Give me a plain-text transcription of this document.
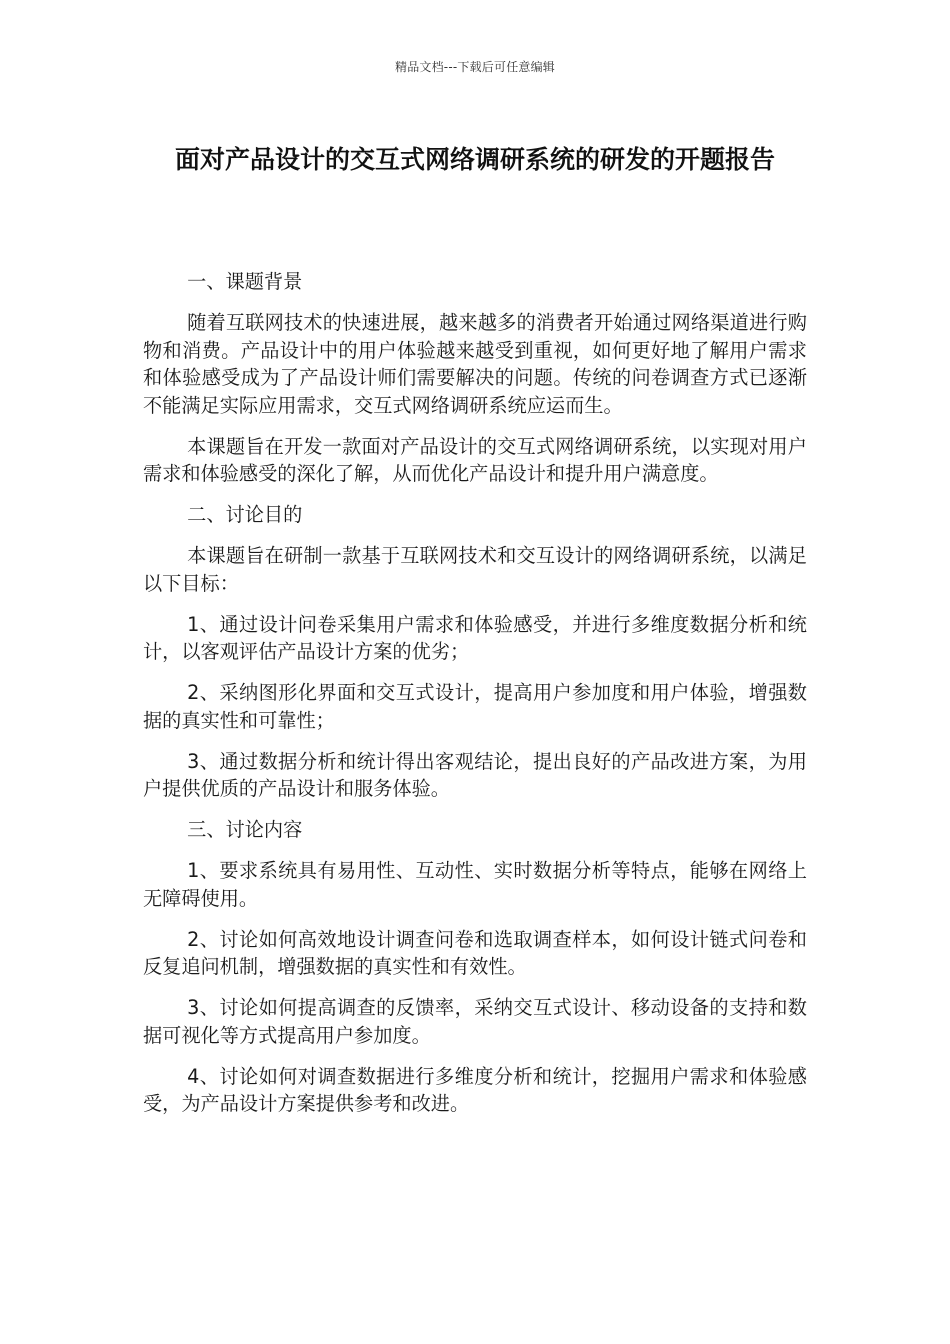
精品文档---下载后可任意编辑
面对产品设计的交互式网络调研系统的研发的开题报告

一、课题背景

随着互联网技术的快速进展，越来越多的消费者开始通过网络渠道进行购物和消费。产品设计中的用户体验越来越受到重视，如何更好地了解用户需求和体验感受成为了产品设计师们需要解决的问题。传统的问卷调查方式已逐渐不能满足实际应用需求，交互式网络调研系统应运而生。

本课题旨在开发一款面对产品设计的交互式网络调研系统，以实现对用户需求和体验感受的深化了解，从而优化产品设计和提升用户满意度。

二、讨论目的

本课题旨在研制一款基于互联网技术和交互设计的网络调研系统，以满足以下目标：

1、通过设计问卷采集用户需求和体验感受，并进行多维度数据分析和统计，以客观评估产品设计方案的优劣；

2、采纳图形化界面和交互式设计，提高用户参加度和用户体验，增强数据的真实性和可靠性；

3、通过数据分析和统计得出客观结论，提出良好的产品改进方案，为用户提供优质的产品设计和服务体验。

三、讨论内容

1、要求系统具有易用性、互动性、实时数据分析等特点，能够在网络上无障碍使用。

2、讨论如何高效地设计调查问卷和选取调查样本，如何设计链式问卷和反复追问机制，增强数据的真实性和有效性。

3、讨论如何提高调查的反馈率，采纳交互式设计、移动设备的支持和数据可视化等方式提高用户参加度。

4、讨论如何对调查数据进行多维度分析和统计，挖掘用户需求和体验感受，为产品设计方案提供参考和改进。
